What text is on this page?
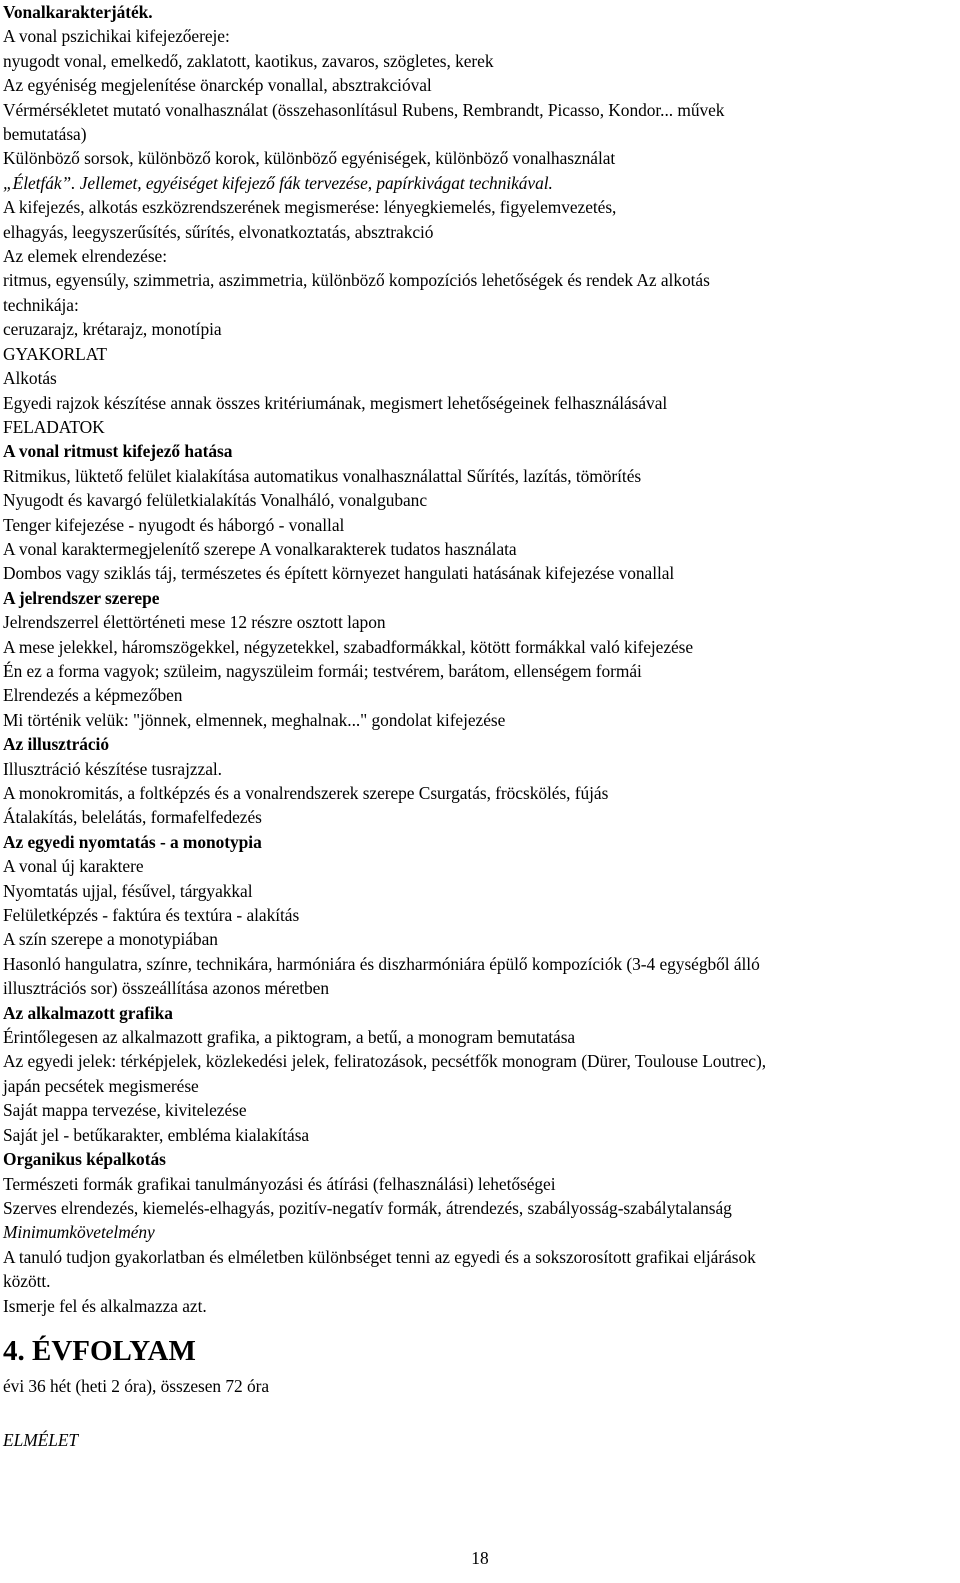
Vonalkarakterjáték.
A vonal pszichikai kifejezőereje:
nyugodt vonal, emelkedő, zaklatott, kaotikus, zavaros, szögletes, kerek
Az egyéniség megjelenítése önarckép vonallal, absztrakcióval
Vérmérsékletet mutató vonalhasználat (összehasonlításul Rubens, Rembrandt, Picasso, Kondor... művek
bemutatása)
Különböző sorsok, különböző korok, különböző egyéniségek, különböző vonalhasználat
„Életfák”. Jellemet, egyéiséget kifejező fák tervezése, papírkivágat technikával.
A kifejezés, alkotás eszközrendszerének megismerése: lényegkiemelés, figyelemvezetés,
elhagyás, leegyszerűsítés, sűrítés, elvonatkoztatás, absztrakció
Az elemek elrendezése:
ritmus, egyensúly, szimmetria, aszimmetria, különböző kompozíciós lehetőségek és rendek Az alkotás
technikája:
ceruzarajz, krétarajz, monotípia
GYAKORLAT
Alkotás
Egyedi rajzok készítése annak összes kritériumának, megismert lehetőségeinek felhasználásával
FELADATOK
A vonal ritmust kifejező hatása
Ritmikus, lüktető felület kialakítása automatikus vonalhasználattal Sűrítés, lazítás, tömörítés
Nyugodt és kavargó felületkialakítás Vonalháló, vonalgubanc
Tenger kifejezése - nyugodt és háborgó - vonallal
A vonal karaktermegjelenítő szerepe A vonalkarakterek tudatos használata
Dombos vagy sziklás táj, természetes és épített környezet hangulati hatásának kifejezése vonallal
A jelrendszer szerepe
Jelrendszerrel élettörténeti mese 12 részre osztott lapon
A mese jelekkel, háromszögekkel, négyzetekkel, szabadformákkal, kötött formákkal való kifejezése
Én ez a forma vagyok; szüleim, nagyszüleim formái; testvérem, barátom, ellenségem formái
Elrendezés a képmezőben
Mi történik velük: "jönnek, elmennek, meghalnak..." gondolat kifejezése
Az illusztráció
Illusztráció készítése tusrajzzal.
A monokromitás, a foltképzés és a vonalrendszerek szerepe Csurgatás, fröcskölés, fújás
Átalakítás, belelátás, formafelfedezés
Az egyedi nyomtatás - a monotypia
A vonal új karaktere
Nyomtatás ujjal, fésűvel, tárgyakkal
Felületképzés - faktúra és textúra - alakítás
A szín szerepe a monotypiában
Hasonló hangulatra, színre, technikára, harmóniára és diszharmóniára épülő kompozíciók (3-4 egységből álló
illusztrációs sor) összeállítása azonos méretben
Az alkalmazott grafika
Érintőlegesen az alkalmazott grafika, a piktogram, a betű, a monogram bemutatása
Az egyedi jelek: térképjelek, közlekedési jelek, feliratozások, pecsétfők monogram (Dürer, Toulouse Loutrec),
japán pecsétek megismerése
Saját mappa tervezése, kivitelezése
Saját jel - betűkarakter, embléma kialakítása
Organikus képalkotás
Természeti formák grafikai tanulmányozási és átírási (felhasználási) lehetőségei
Szerves elrendezés, kiemelés-elhagyás, pozitív-negatív formák, átrendezés, szabályosság-szabálytalanság
Minimumkövetelmény
A tanuló tudjon gyakorlatban és elméletben különbséget tenni az egyedi és a sokszorosított grafikai eljárások
között.
Ismerje fel és alkalmazza azt.
4. ÉVFOLYAM
évi 36 hét (heti 2 óra), összesen 72 óra
ELMÉLET
18
